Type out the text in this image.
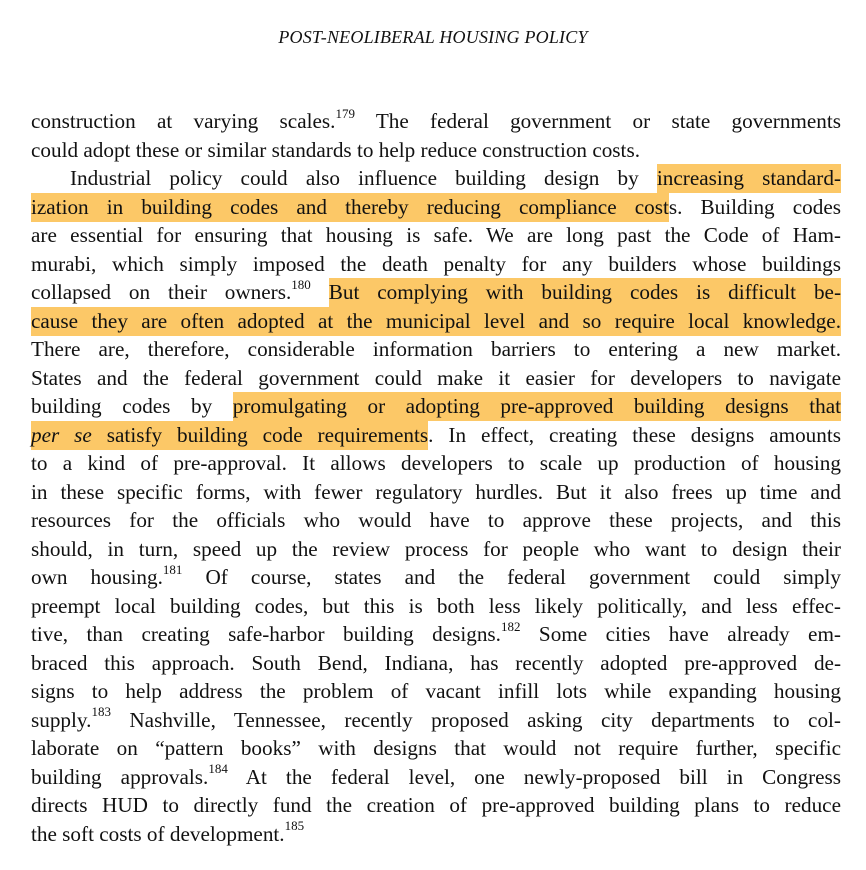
POST-NEOLIBERAL HOUSING POLICY
construction at varying scales.$^{179}$ The federal government or state governments
could adopt these or similar standards to help reduce construction costs.
Industrial policy could also influence building design by increasing standard-
ization in building codes and thereby reducing compliance costs. Building codes
are essential for ensuring that housing is safe. We are long past the Code of Ham-
murabi, which simply imposed the death penalty for any builders whose buildings
collapsed on their owners.$^{180}$ But complying with building codes is difficult be-
cause they are often adopted at the municipal level and so require local knowledge.
There are, therefore, considerable information barriers to entering a new market.
States and the federal government could make it easier for developers to navigate
building codes by promulgating or adopting pre-approved building designs that
per se satisfy building code requirements. In effect, creating these designs amounts
to a kind of pre-approval. It allows developers to scale up production of housing
in these specific forms, with fewer regulatory hurdles. But it also frees up time and
resources for the officials who would have to approve these projects, and this
should, in turn, speed up the review process for people who want to design their
own housing.$^{181}$ Of course, states and the federal government could simply
preempt local building codes, but this is both less likely politically, and less effec-
tive, than creating safe-harbor building designs.$^{182}$ Some cities have already em-
braced this approach. South Bend, Indiana, has recently adopted pre-approved de-
signs to help address the problem of vacant infill lots while expanding housing
supply.$^{183}$ Nashville, Tennessee, recently proposed asking city departments to col-
laborate on “pattern books” with designs that would not require further, specific
building approvals.$^{184}$ At the federal level, one newly-proposed bill in Congress
directs HUD to directly fund the creation of pre-approved building plans to reduce
the soft costs of development.$^{185}$
